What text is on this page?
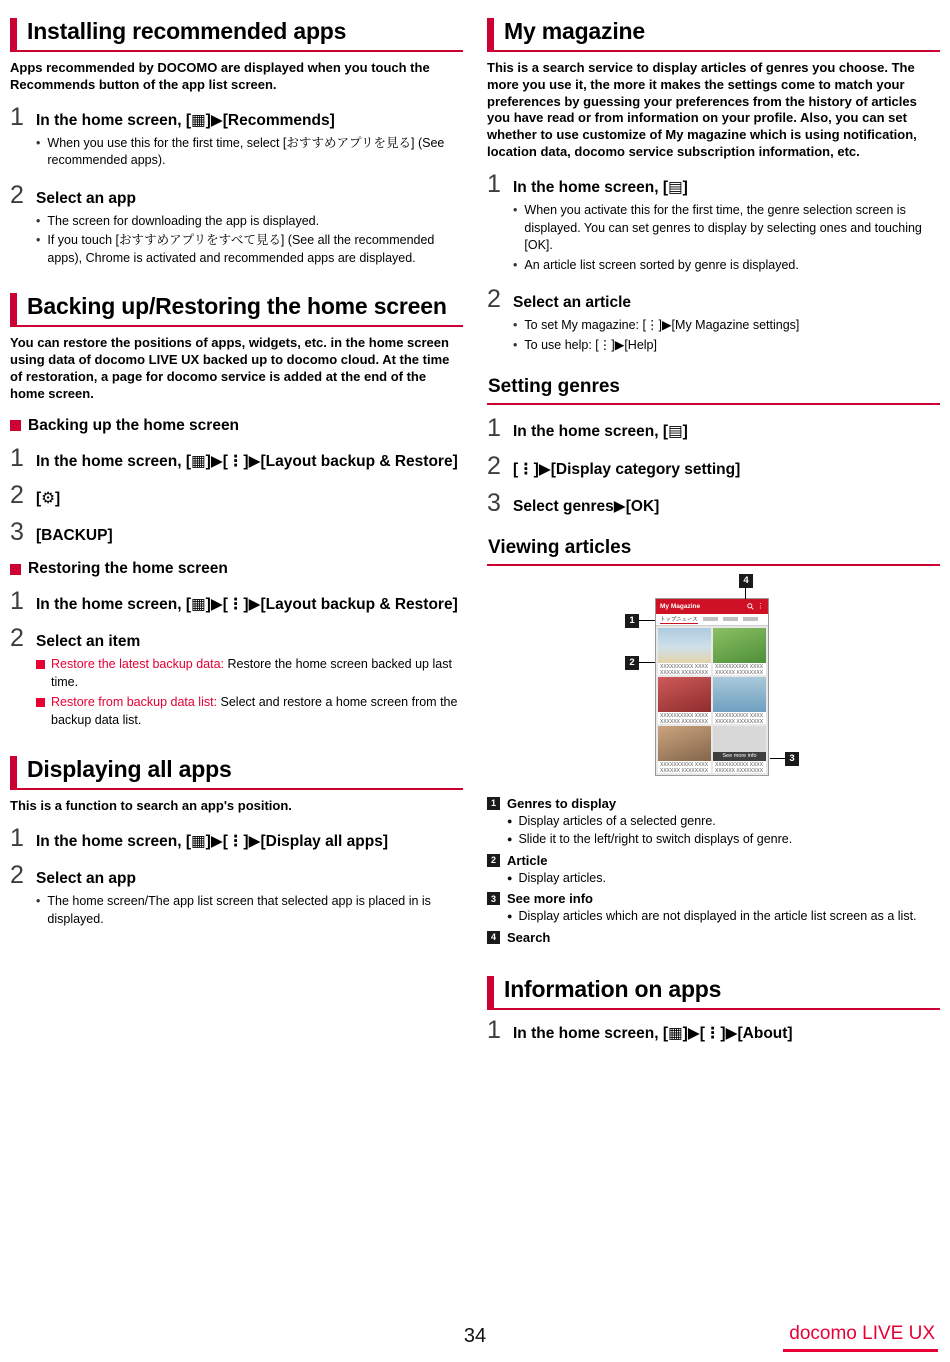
Installing recommended apps

Apps recommended by DOCOMO are displayed when you touch the Recommends button of the app list screen.

1 In the home screen, [▦]▶[Recommends]
• When you use this for the first time, select [おすすめアプリを見る] (See recommended apps).
2 Select an app
• The screen for downloading the app is displayed.
• If you touch [おすすめアプリをすべて見る] (See all the recommended apps), Chrome is activated and recommended apps are displayed.
Backing up/Restoring the home screen

You can restore the positions of apps, widgets, etc. in the home screen using data of docomo LIVE UX backed up to docomo cloud. At the time of restoration, a page for docomo service is added at the end of the home screen.

Backing up the home screen
1 In the home screen, [▦]▶[⋮]▶[Layout backup & Restore]
2 [⚙]
3 [BACKUP]
Restoring the home screen
1 In the home screen, [▦]▶[⋮]▶[Layout backup & Restore]
2 Select an item
Restore the latest backup data: Restore the home screen backed up last time.
Restore from backup data list: Select and restore a home screen from the backup data list.
Displaying all apps

This is a function to search an app's position.

1 In the home screen, [▦]▶[⋮]▶[Display all apps]
2 Select an app
• The home screen/The app list screen that selected app is placed in is displayed.
My magazine

This is a search service to display articles of genres you choose. The more you use it, the more it makes the settings come to match your preferences by guessing your preferences from the history of articles you have read or from information on your profile. Also, you can set whether to use customize of My magazine which is using notification, location data, docomo service subscription information, etc.

1 In the home screen, [▤]
• When you activate this for the first time, the genre selection screen is displayed. You can set genres to display by selecting ones and touching [OK].
• An article list screen sorted by genre is displayed.
2 Select an article
• To set My magazine: [⋮]▶[My Magazine settings]
• To use help: [⋮]▶[Help]
Setting genres
1 In the home screen, [▤]
2 [⋮]▶[Display category setting]
3 Select genres▶[OK]
Viewing articles
My Magazine	⋮
トップニュース
XXXXXXXXXX XXXXXXXXXX XXXXXXXX
XXXXXXXXXX XXXXXXXXXX XXXXXXXX
XXXXXXXXXX XXXXXXXXXX XXXXXXXX
XXXXXXXXXX XXXXXXXXXX XXXXXXXX
XXXXXXXXXX XXXXXXXXXX XXXXXXXX
See more info
XXXXXXXXXX XXXXXXXXXX XXXXXXXX
4
1
2
3
1 Genres to display
● Display articles of a selected genre.
● Slide it to the left/right to switch displays of genre.
2 Article
● Display articles.
3 See more info
● Display articles which are not displayed in the article list screen as a list.
4 Search
Information on apps
1 In the home screen, [▦]▶[⋮]▶[About]
34	docomo LIVE UX
